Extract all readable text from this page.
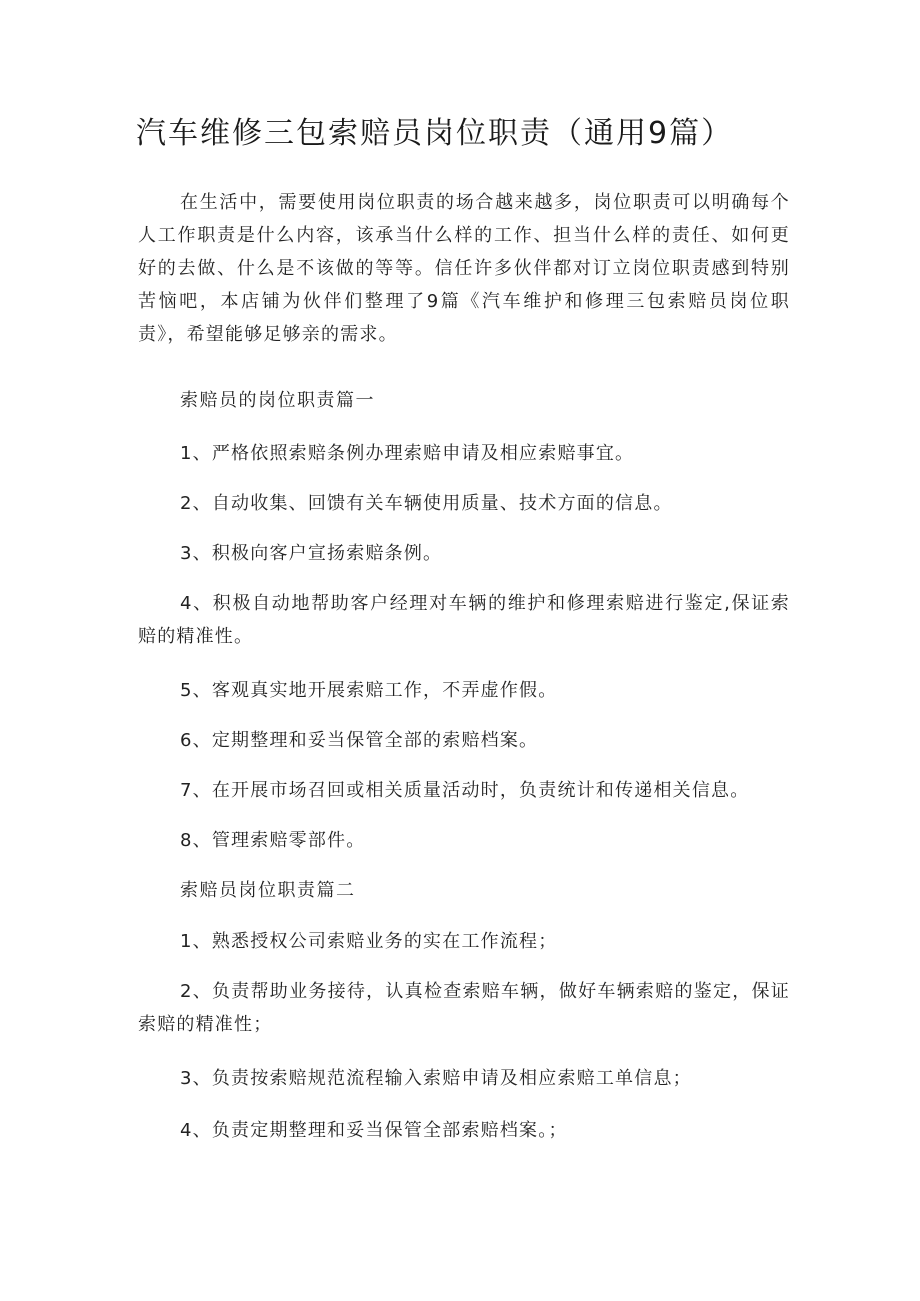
汽车维修三包索赔员岗位职责（通用9篇）

在生活中，需要使用岗位职责的场合越来越多，岗位职责可以明确每个人工作职责是什么内容，该承当什么样的工作、担当什么样的责任、如何更好的去做、什么是不该做的等等。信任许多伙伴都对订立岗位职责感到特别苦恼吧，本店铺为伙伴们整理了9篇《汽车维护和修理三包索赔员岗位职责》，希望能够足够亲的需求。

索赔员的岗位职责篇一

1、严格依照索赔条例办理索赔申请及相应索赔事宜。

2、自动收集、回馈有关车辆使用质量、技术方面的信息。

3、积极向客户宣扬索赔条例。

4、积极自动地帮助客户经理对车辆的维护和修理索赔进行鉴定,保证索赔的精准性。

5、客观真实地开展索赔工作，不弄虚作假。

6、定期整理和妥当保管全部的索赔档案。

7、在开展市场召回或相关质量活动时，负责统计和传递相关信息。

8、管理索赔零部件。

索赔员岗位职责篇二

1、熟悉授权公司索赔业务的实在工作流程；

2、负责帮助业务接待，认真检查索赔车辆，做好车辆索赔的鉴定，保证索赔的精准性；

3、负责按索赔规范流程输入索赔申请及相应索赔工单信息；

4、负责定期整理和妥当保管全部索赔档案。；
